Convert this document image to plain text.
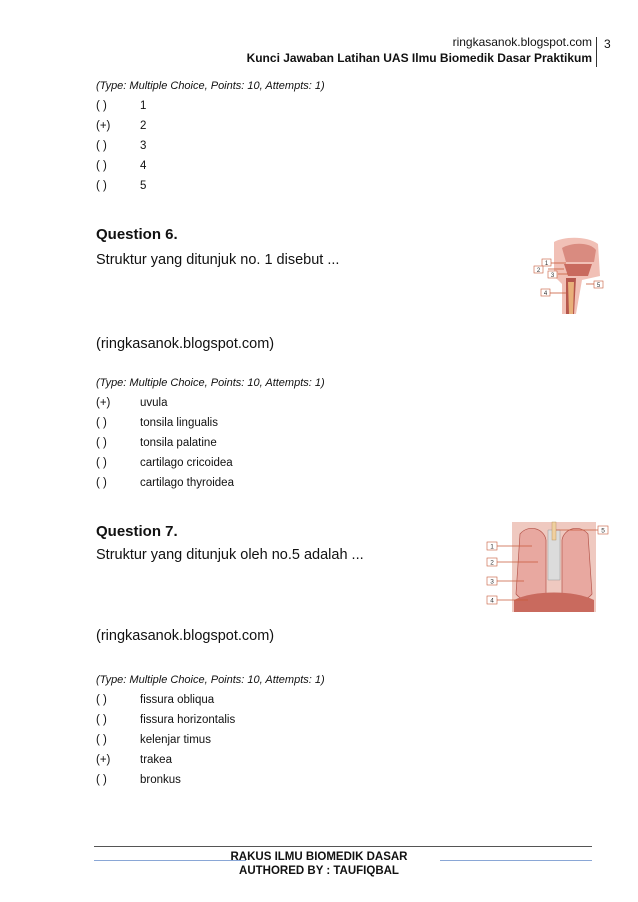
ringkasanok.blogspot.com
Kunci Jawaban Latihan UAS Ilmu Biomedik Dasar Praktikum
3
(Type: Multiple Choice, Points: 10, Attempts: 1)
( )	1
(+)	2
( )	3
( )	4
( )	5
Question 6.
Struktur yang ditunjuk no. 1 disebut ...	1
2
3
5
4
(ringkasanok.blogspot.com)
(Type: Multiple Choice, Points: 10, Attempts: 1)
(+)	uvula
( )	tonsila lingualis
( )	tonsila palatine
( )	cartilago cricoidea
( )	cartilago thyroidea
Question 7.
Struktur yang ditunjuk oleh no.5 adalah ...	1
2
3
4
5
(ringkasanok.blogspot.com)
(Type: Multiple Choice, Points: 10, Attempts: 1)
( )	fissura obliqua
( )	fissura horizontalis
( )	kelenjar timus
(+)	trakea
( )	bronkus
RAKUS ILMU BIOMEDIK DASAR
AUTHORED BY : TAUFIQBAL
